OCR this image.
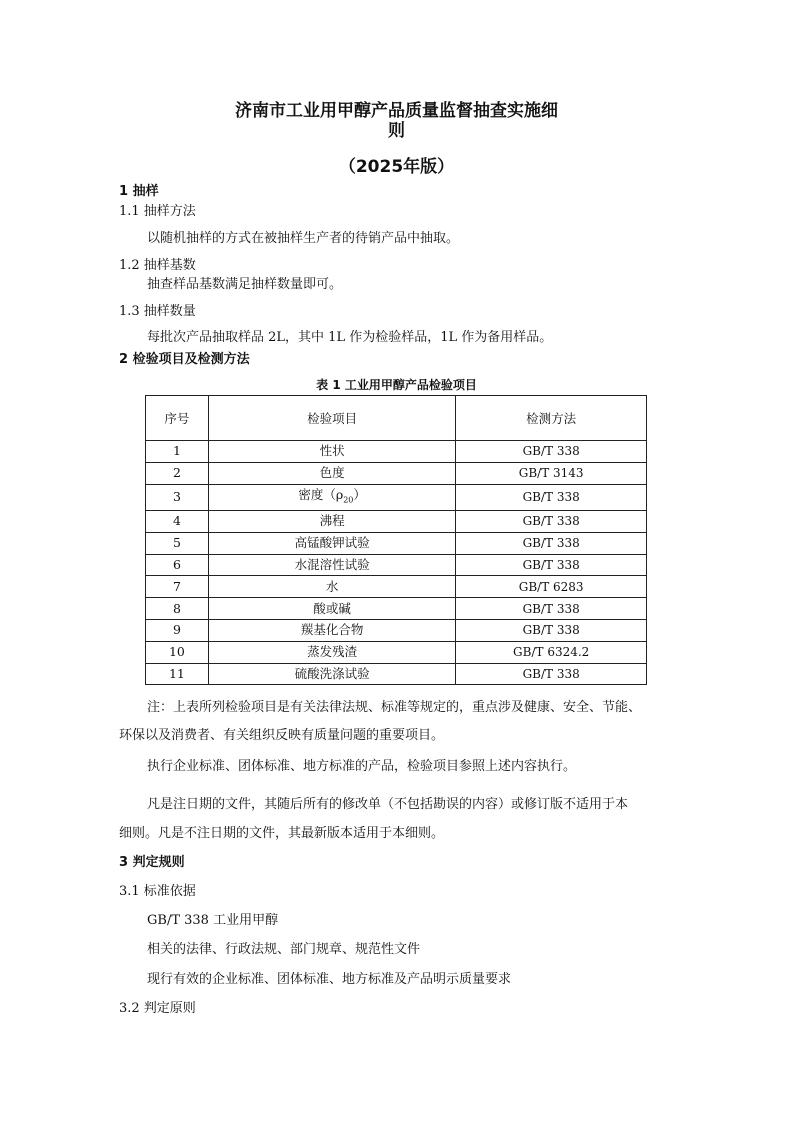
济南市工业用甲醇产品质量监督抽查实施细
则
（2025年版）
1 抽样
1.1 抽样方法
以随机抽样的方式在被抽样生产者的待销产品中抽取。
1.2 抽样基数
抽查样品基数满足抽样数量即可。
1.3 抽样数量
每批次产品抽取样品 2L，其中 1L 作为检验样品，1L 作为备用样品。
2 检验项目及检测方法
表 1 工业用甲醇产品检验项目
序号	检验项目	检测方法
1	性状	GB/T 338
2	色度	GB/T 3143
3	密度$(\rho_{20})$	GB/T 338
4	沸程	GB/T 338
5	高锰酸钾试验	GB/T 338
6	水混溶性试验	GB/T 338
7	水	GB/T 6283
8	酸或碱	GB/T 338
9	羰基化合物	GB/T 338
10	蒸发残渣	GB/T 6324.2
11	硫酸洗涤试验	GB/T 338
注：上表所列检验项目是有关法律法规、标准等规定的，重点涉及健康、安全、节能、
环保以及消费者、有关组织反映有质量问题的重要项目。
执行企业标准、团体标准、地方标准的产品，检验项目参照上述内容执行。
凡是注日期的文件，其随后所有的修改单（不包括勘误的内容）或修订版不适用于本
细则。凡是不注日期的文件，其最新版本适用于本细则。
3 判定规则
3.1 标准依据
GB/T 338 工业用甲醇
相关的法律、行政法规、部门规章、规范性文件
现行有效的企业标准、团体标准、地方标准及产品明示质量要求
3.2 判定原则
